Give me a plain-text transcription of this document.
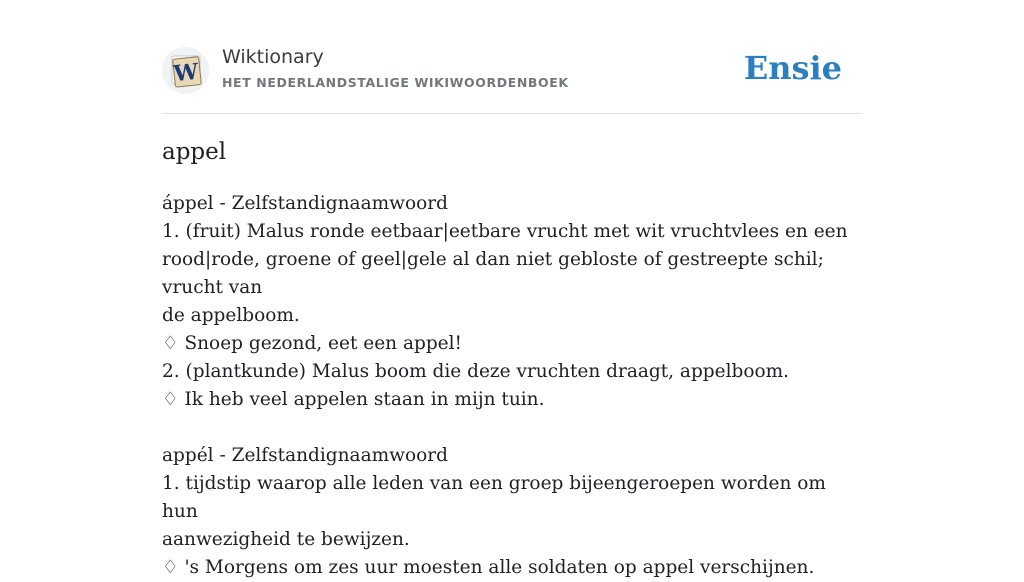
W
Wiktionary
HET NEDERLANDSTALIGE WIKIWOORDENBOEK	Ensie
appel
áppel - Zelfstandignaamwoord
1. (fruit) Malus ronde eetbaar|eetbare vrucht met wit vruchtvlees en een
rood|rode, groene of geel|gele al dan niet gebloste of gestreepte schil; vrucht van
de appelboom.
♢ Snoep gezond, eet een appel!
2. (plantkunde) Malus boom die deze vruchten draagt, appelboom.
♢ Ik heb veel appelen staan in mijn tuin.
appél - Zelfstandignaamwoord
1. tijdstip waarop alle leden van een groep bijeengeroepen worden om hun
aanwezigheid te bewijzen.
♢ 's Morgens om zes uur moesten alle soldaten op appel verschijnen.
